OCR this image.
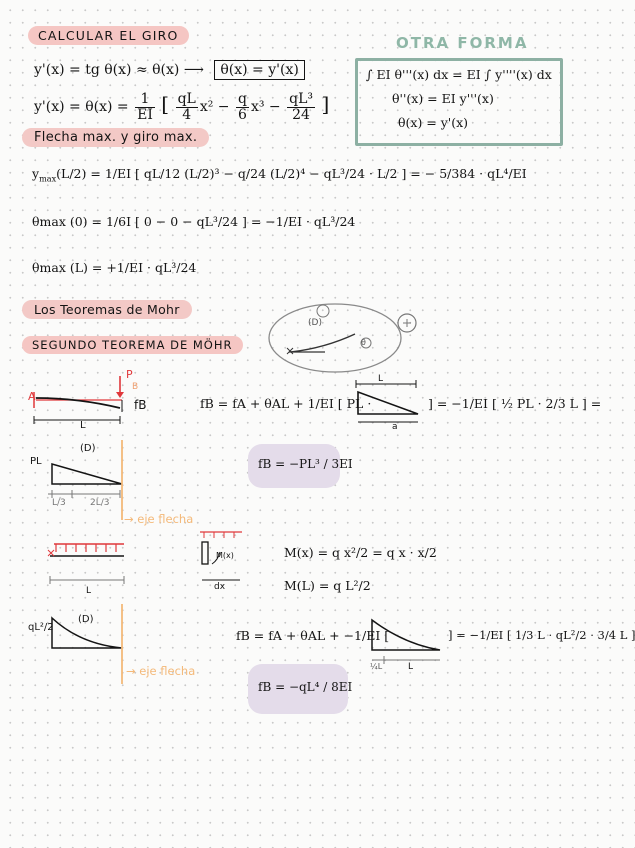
CALCULAR EL GIRO	OTRA FORMA
y'(x) = tg θ(x) ≈ θ(x) ⟶ θ(x) = y'(x)
$y'(x) = \theta(x) = \frac{1}{EI}$ [ $\frac{qL}{4} x^2 - \frac{q}{6} x^3 - \frac{\text{qL³}}{24}$ ]
∫ EI θ'''(x) dx = EI ∫ y''''(x) dx
θ''(x) = EI y'''(x)
θ(x) = y'(x)
Flecha max. y giro max.
$y_{max}(L/2) = 1/EI$ [ qL/12 (L/2)³ − q/24 (L/2)⁴ − qL³/24 · L/2 ] = − 5/384 · qL⁴/EI
θmax (0) = 1/6I [ 0 − 0 − qL³/24 ] = −1/EI · qL³/24
θmax (L) = +1/EI · qL³/24
Los Teoremas de Mohr
SEGUNDO TEOREMA DE MÖHR
(D)
θ
A
P
B
fB
L
fB = fA + θAL + 1/EI [ PL ·
L
a
] = −1/EI [ ½ PL · 2/3 L ] =
PL
(D)
L/3	2L/3
→ eje flecha
fB = −PL³ / 3EI
L
M(x)
dx
M(x) = q x²/2 = q x · x/2
M(L) = q L²/2
qL²/2
(D)
→ eje flecha
fB = fA + θAL + −1/EI [
¼L	L
] = −1/EI [ 1/3 L · qL²/2 · 3/4 L ]
fB = −qL⁴ / 8EI
